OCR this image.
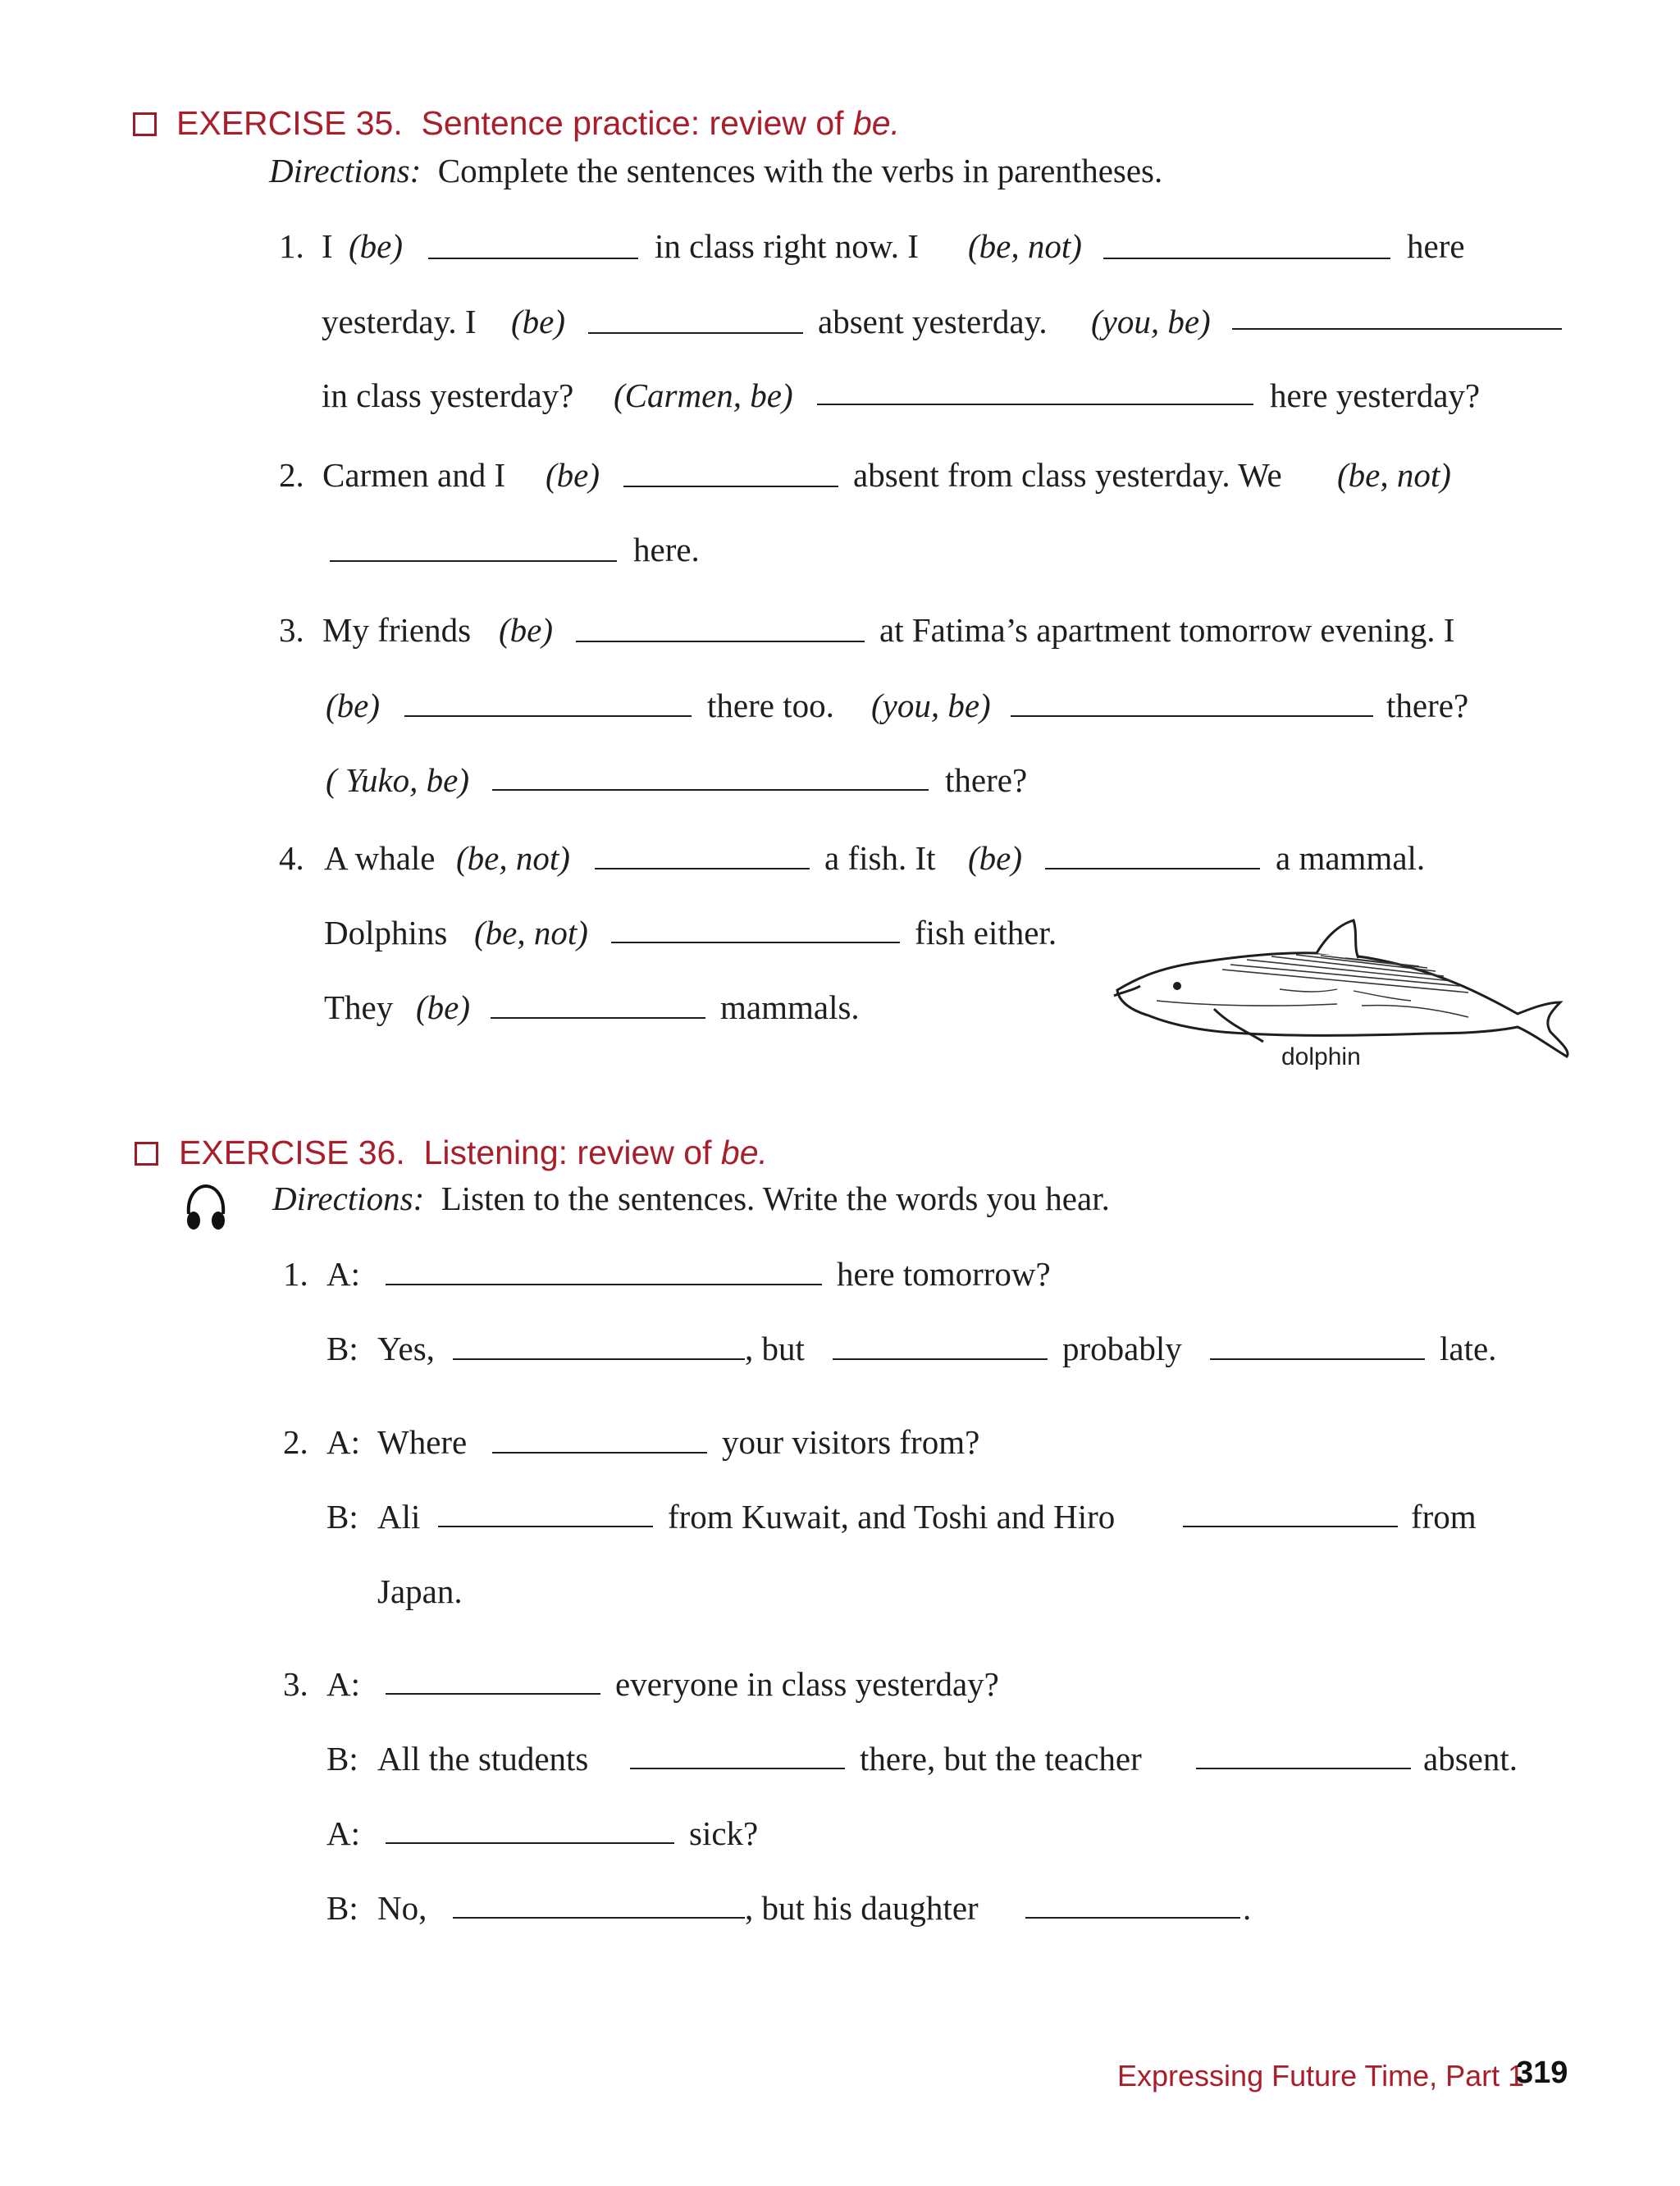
EXERCISE 35. Sentence practice: review of be.
Directions: Complete the sentences with the verbs in parentheses.
1. I (be)	in class right now. I (be, not)	here
yesterday. I (be)	absent yesterday. (you, be)
in class yesterday? (Carmen, be)	here yesterday?
2. Carmen and I (be)	absent from class yesterday. We (be, not)
here.
3. My friends (be)	at Fatima’s apartment tomorrow evening. I
(be)	there too. (you, be)	there?
( Yuko, be)	there?
4. A whale (be, not)	a fish. It (be)	a mammal.
Dolphins (be, not)	fish either.
They (be)	mammals.
dolphin
EXERCISE 36. Listening: review of be.
Directions: Listen to the sentences. Write the words you hear.
1. A:	here tomorrow?
B: Yes,	, but	probably	late.
2. A: Where	your visitors from?
B: Ali	from Kuwait, and Toshi and Hiro	from
Japan.
3. A:	everyone in class yesterday?
B: All the students	there, but the teacher	absent.
A:	sick?
B: No,	, but his daughter	.
Expressing Future Time, Part 1
319
